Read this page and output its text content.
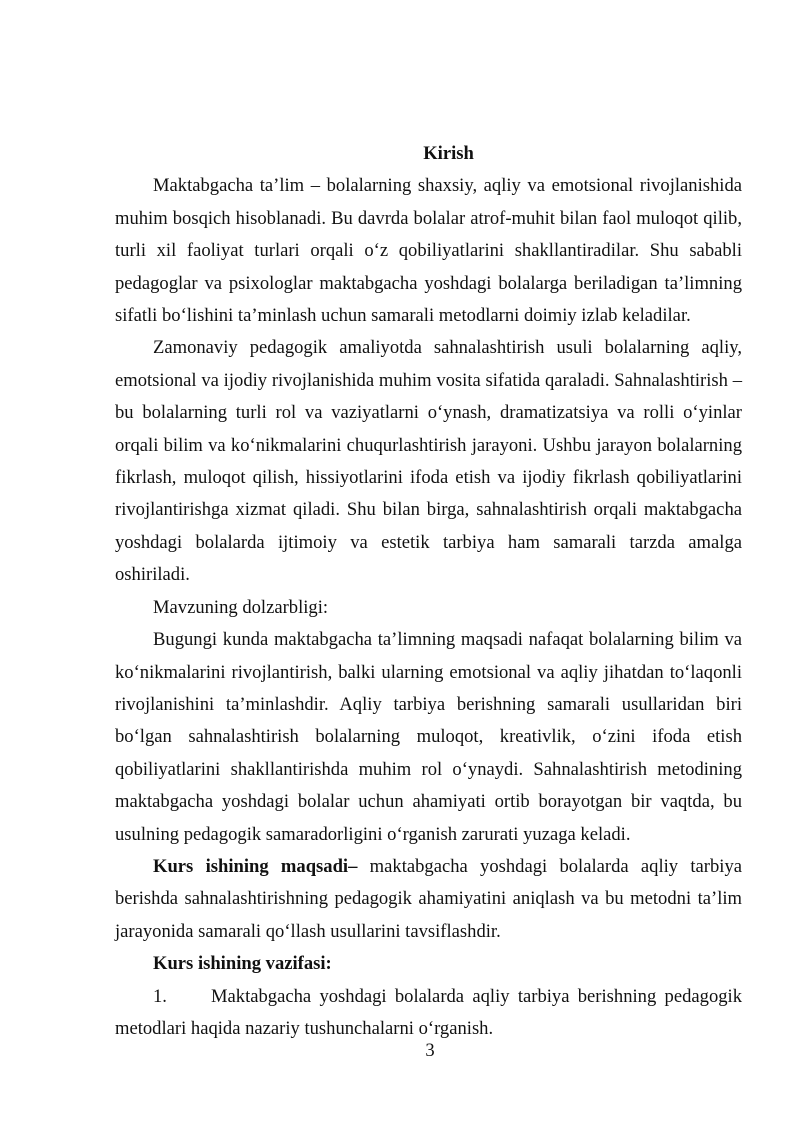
Kirish

Maktabgacha ta’lim – bolalarning shaxsiy, aqliy va emotsional rivojlanishida muhim bosqich hisoblanadi. Bu davrda bolalar atrof-muhit bilan faol muloqot qilib, turli xil faoliyat turlari orqali o‘z qobiliyatlarini shakllantiradilar. Shu sababli pedagoglar va psixologlar maktabgacha yoshdagi bolalarga beriladigan ta’limning sifatli bo‘lishini ta’minlash uchun samarali metodlarni doimiy izlab keladilar.

Zamonaviy pedagogik amaliyotda sahnalashtirish usuli bolalarning aqliy, emotsional va ijodiy rivojlanishida muhim vosita sifatida qaraladi. Sahnalashtirish – bu bolalarning turli rol va vaziyatlarni o‘ynash, dramatizatsiya va rolli o‘yinlar orqali bilim va ko‘nikmalarini chuqurlashtirish jarayoni. Ushbu jarayon bolalarning fikrlash, muloqot qilish, hissiyotlarini ifoda etish va ijodiy fikrlash qobiliyatlarini rivojlantirishga xizmat qiladi. Shu bilan birga, sahnalashtirish orqali maktabgacha yoshdagi bolalarda ijtimoiy va estetik tarbiya ham samarali tarzda amalga oshiriladi.

Mavzuning dolzarbligi:

Bugungi kunda maktabgacha ta’limning maqsadi nafaqat bolalarning bilim va ko‘nikmalarini rivojlantirish, balki ularning emotsional va aqliy jihatdan to‘laqonli rivojlanishini ta’minlashdir. Aqliy tarbiya berishning samarali usullaridan biri bo‘lgan sahnalashtirish bolalarning muloqot, kreativlik, o‘zini ifoda etish qobiliyatlarini shakllantirishda muhim rol o‘ynaydi. Sahnalashtirish metodining maktabgacha yoshdagi bolalar uchun ahamiyati ortib borayotgan bir vaqtda, bu usulning pedagogik samaradorligini o‘rganish zarurati yuzaga keladi.

Kurs ishining maqsadi– maktabgacha yoshdagi bolalarda aqliy tarbiya berishda sahnalashtirishning pedagogik ahamiyatini aniqlash va bu metodni ta’lim jarayonida samarali qo‘llash usullarini tavsiflashdir.

Kurs ishining vazifasi:

1. Maktabgacha yoshdagi bolalarda aqliy tarbiya berishning pedagogik metodlari haqida nazariy tushunchalarni o‘rganish.

3
